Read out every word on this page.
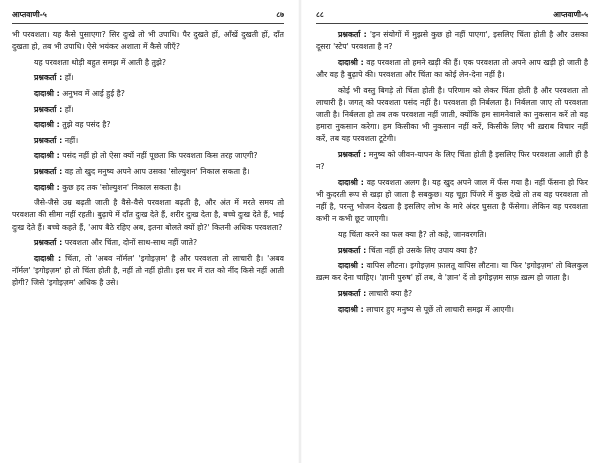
आप्तवाणी-५	८७

भी परवशता। यह कैसे पुसाएगा? सिर दुःखे तो भी उपाधि। पैर दुखते हों, आँखें दुखती हों, दाँत दुखता हो, तब भी उपाधि। ऐसे भयंकर अशाता में कैसे जीएँ?

यह परवशता थोड़ी बहुत समझ में आती है तुझे?

प्रश्नकर्ता : हाँ।

दादाश्री : अनुभव में आई हुई है?

प्रश्नकर्ता : हाँ।

दादाश्री : तुझे वह पसंद है?

प्रश्नकर्ता : नहीं।

दादाश्री : पसंद नहीं हो तो ऐसा क्यों नहीं पूछता कि परवशता किस तरह जाएगी?

प्रश्नकर्ता : वह तो खुद मनुष्य अपने आप उसका 'सोल्युशन' निकाल सकता है।

दादाश्री : कुछ हद तक 'सोल्युशन' निकाल सकता है।

जैसे-जैसे उम्र बढ़ती जाती है वैसे-वैसे परवशता बढ़ती है, और अंत में मरते समय तो परवशता की सीमा नहीं रहती। बुढ़ापे में दाँत दुःख देते हैं, शरीर दुःख देता है, बच्चे दुःख देते हैं, भाई दुःख देते हैं। बच्चे कहते हैं, 'आप बैठे रहिए अब, इतना बोलते क्यों हो?' कितनी अधिक परवशता?

प्रश्नकर्ता : परवशता और चिंता, दोनों साथ-साथ नहीं जाते?

दादाश्री : चिंता, तो 'अबव नॉर्मल' 'इगोइज़म' है और परवशता तो लाचारी है। 'अबव नॉर्मल' 'इगोइज़म' हो तो चिंता होती है, नहीं तो नहीं होती। इस घर में रात को नींद किसे नहीं आती होगी? जिसे 'इगोइज़म' अधिक है उसे।

८८	आप्तवाणी-५

प्रश्नकर्ता : 'इन संयोगों में मुझसे कुछ हो नहीं पाएगा', इसलिए चिंता होती है और उसका दूसरा 'स्टेप' परवशता है न?

दादाश्री : वह परवशता तो हमने खड़ी की हैं। एक परवशता तो अपने आप खड़ी हो जाती है और वह है बुढ़ापे की। परवशता और चिंता का कोई लेन-देना नहीं है।

कोई भी वस्तु बिगड़े तो चिंता होती है। परिणाम को लेकर चिंता होती है और परवशता तो लाचारी है। जगत् को परवशता पसंद नहीं है। परवशता ही निर्बलता है। निर्बलता जाए तो परवशता जाती है। निर्बलता हो तब तक परवशता नहीं जाती, क्योंकि हम सामनेवाले का नुकसान करें तो वह हमारा नुकसान करेगा। हम किसीका भी नुकसान नहीं करें, किसीके लिए भी ख़राब विचार नहीं करें, तब यह परवशता टूटेगी।

प्रश्नकर्ता : मनुष्य को जीवन-यापन के लिए चिंता होती है इसलिए फिर परवशता आती ही है न?

दादाश्री : वह परवशता अलग है। यह खुद अपने जाल में फँस गया है। नहीं फँसना हो फिर भी कुदरती रूप से खड़ा हो जाता है सबकुछ। यह चूहा पिंजरे में कुछ देखे तो तब वह परवशता तो नहीं है, परन्तु भोजन देखता है इसलिए लोभ के मारे अंदर घुसता है फँसेगा। लेकिन वह परवशता कभी न कभी छूट जाएगी।

यह चिंता करने का फल क्या है? तो कहे, जानवरगति।

प्रश्नकर्ता : चिंता नहीं हो उसके लिए उपाय क्या है?

दादाश्री : वापिस लौटना। इगोइज़म फ़ालतू वापिस लौटना। या फिर 'इगोइज़म' तो बिलकुल ख़त्म कर देना चाहिए। 'ज्ञानी पुरुष' हों तब, वे 'ज्ञान' दें तो इगोइज़म साफ़ ख़त्म हो जाता है।

प्रश्नकर्ता : लाचारी क्या है?

दादाश्री : लाचार हुए मनुष्य से पूछें तो लाचारी समझ में आएगी।
